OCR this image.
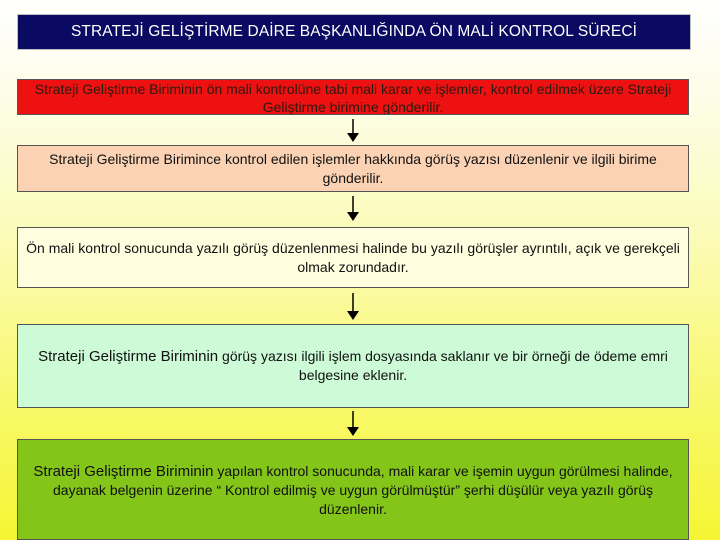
STRATEJİ GELİŞTİRME DAİRE BAŞKANLIĞINDA ÖN MALİ KONTROL SÜRECİ
Strateji Geliştirme Biriminin ön mali kontrolüne tabi mali karar ve işlemler, kontrol edilmek üzere Strateji Geliştirme birimine gönderilir.
Strateji Geliştirme Birimince kontrol edilen işlemler hakkında görüş yazısı düzenlenir ve ilgili birime gönderilir.
Ön mali kontrol sonucunda yazılı görüş düzenlenmesi halinde bu yazılı görüşler ayrıntılı, açık ve gerekçeli olmak zorundadır.
Strateji Geliştirme Biriminin görüş yazısı ilgili işlem dosyasında saklanır ve bir örneği de ödeme emri belgesine eklenir.
Strateji Geliştirme Biriminin yapılan kontrol sonucunda, mali karar ve işemin uygun görülmesi halinde, dayanak belgenin üzerine “ Kontrol edilmiş ve uygun görülmüştür” şerhi düşülür veya yazılı görüş düzenlenir.
